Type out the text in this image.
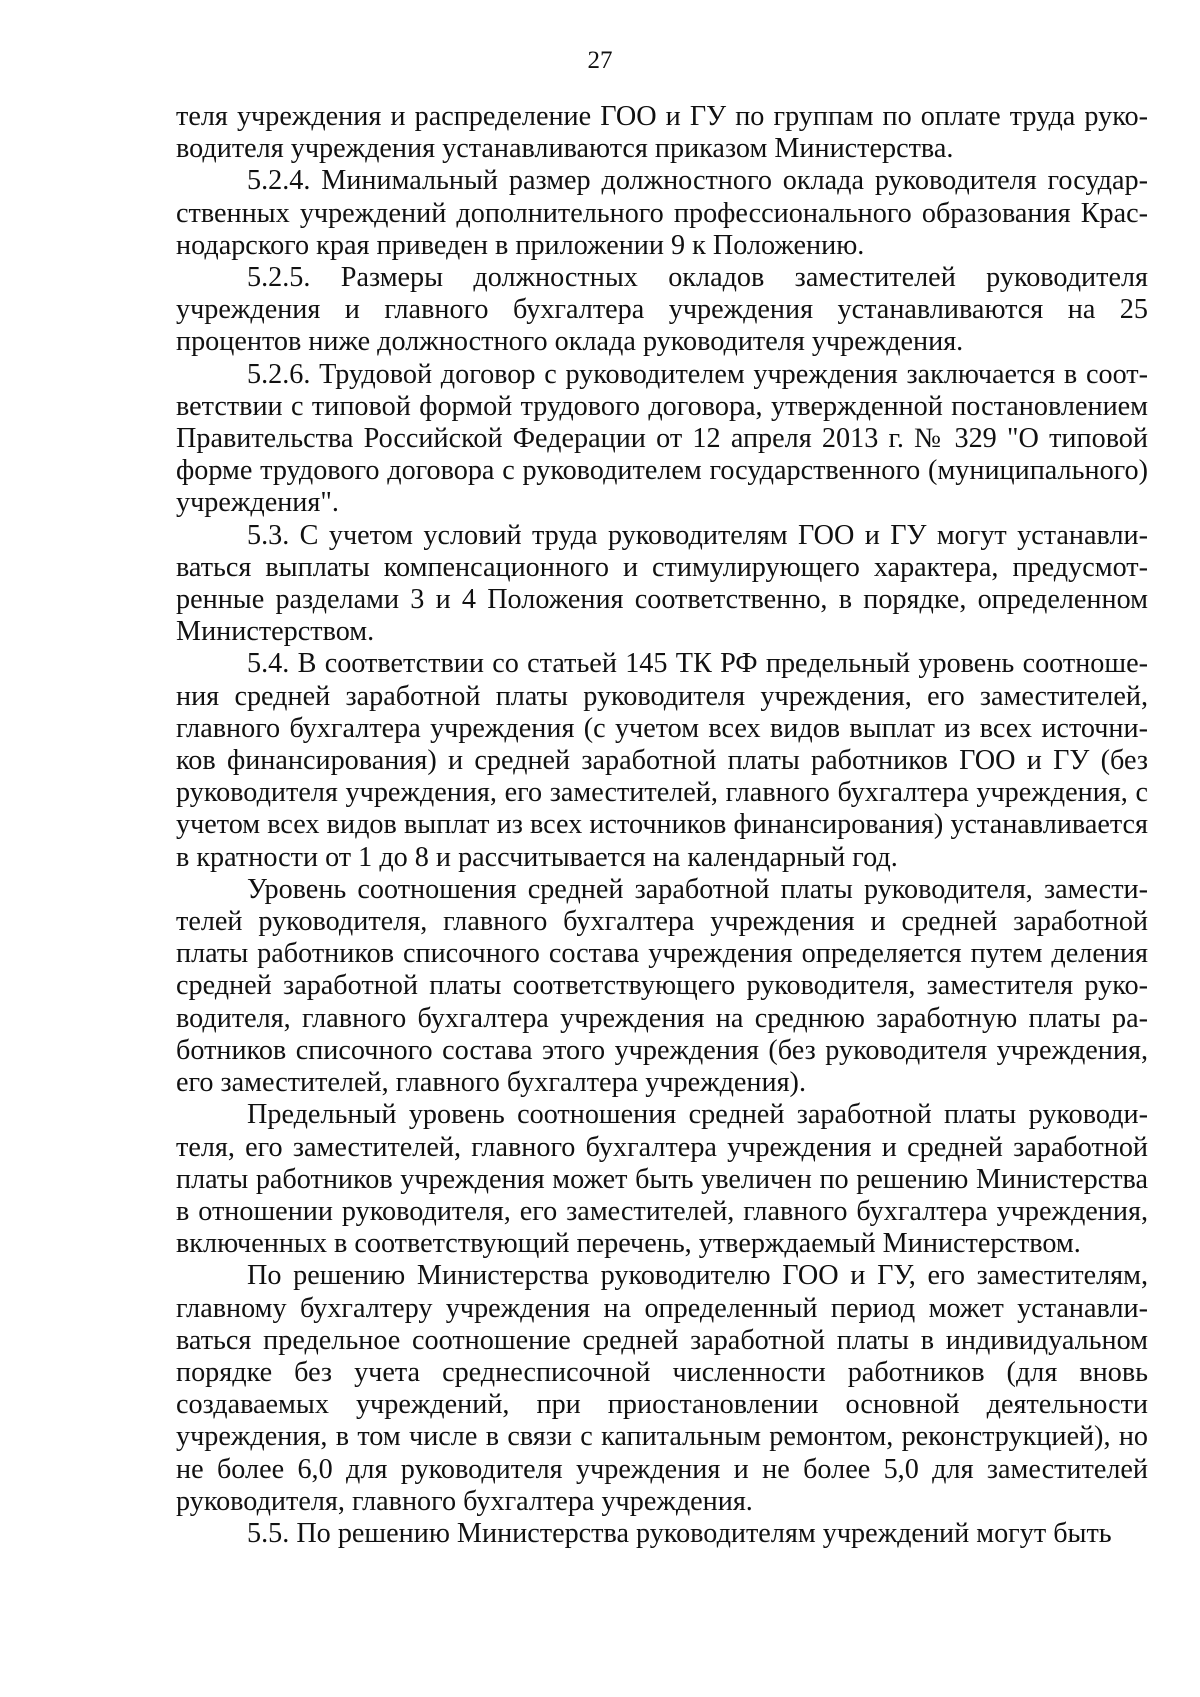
27

теля учреждения и распределение ГОО и ГУ по группам по оплате труда руководителя учреждения устанавливаются приказом Министерства.

5.2.4. Минимальный размер должностного оклада руководителя государственных учреждений дополнительного профессионального образования Краснодарского края приведен в приложении 9 к Положению.

5.2.5. Размеры должностных окладов заместителей руководителя учреждения и главного бухгалтера учреждения устанавливаются на 25 процентов ниже должностного оклада руководителя учреждения.

5.2.6. Трудовой договор с руководителем учреждения заключается в соответствии с типовой формой трудового договора, утвержденной постановлением Правительства Российской Федерации от 12 апреля 2013 г. № 329 "О типовой форме трудового договора с руководителем государственного (муниципального) учреждения".

5.3. С учетом условий труда руководителям ГОО и ГУ могут устанавливаться выплаты компенсационного и стимулирующего характера, предусмотренные разделами 3 и 4 Положения соответственно, в порядке, определенном Министерством.

5.4. В соответствии со статьей 145 ТК РФ предельный уровень соотношения средней заработной платы руководителя учреждения, его заместителей, главного бухгалтера учреждения (с учетом всех видов выплат из всех источников финансирования) и средней заработной платы работников ГОО и ГУ (без руководителя учреждения, его заместителей, главного бухгалтера учреждения, с учетом всех видов выплат из всех источников финансирования) устанавливается в кратности от 1 до 8 и рассчитывается на календарный год.

Уровень соотношения средней заработной платы руководителя, заместителей руководителя, главного бухгалтера учреждения и средней заработной платы работников списочного состава учреждения определяется путем деления средней заработной платы соответствующего руководителя, заместителя руководителя, главного бухгалтера учреждения на среднюю заработную платы работников списочного состава этого учреждения (без руководителя учреждения, его заместителей, главного бухгалтера учреждения).

Предельный уровень соотношения средней заработной платы руководителя, его заместителей, главного бухгалтера учреждения и средней заработной платы работников учреждения может быть увеличен по решению Министерства в отношении руководителя, его заместителей, главного бухгалтера учреждения, включенных в соответствующий перечень, утверждаемый Министерством.

По решению Министерства руководителю ГОО и ГУ, его заместителям, главному бухгалтеру учреждения на определенный период может устанавливаться предельное соотношение средней заработной платы в индивидуальном порядке без учета среднесписочной численности работников (для вновь создаваемых учреждений, при приостановлении основной деятельности учреждения, в том числе в связи с капитальным ремонтом, реконструкцией), но не более 6,0 для руководителя учреждения и не более 5,0 для заместителей руководителя, главного бухгалтера учреждения.

5.5. По решению Министерства руководителям учреждений могут быть
